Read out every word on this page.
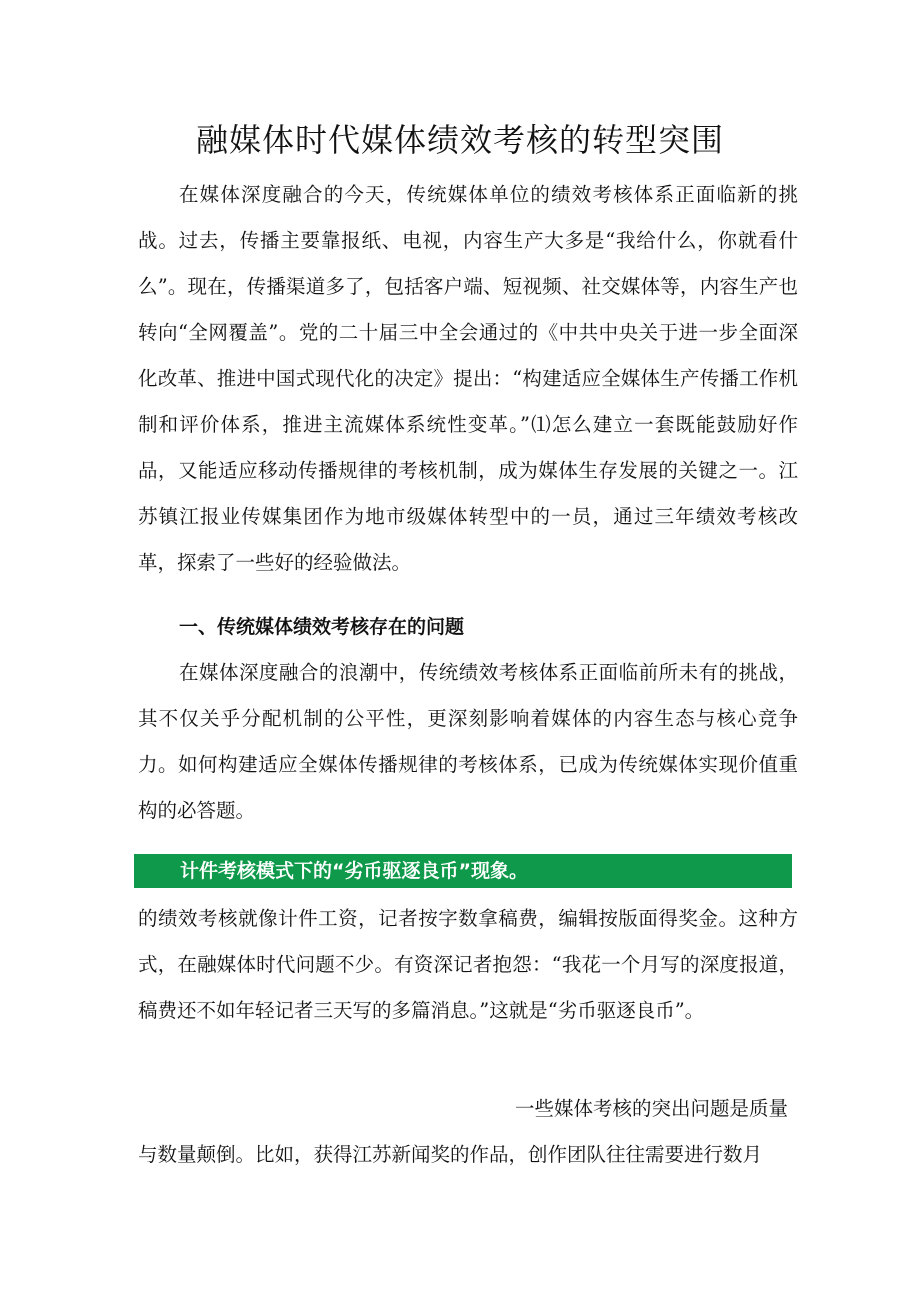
融媒体时代媒体绩效考核的转型突围

在媒体深度融合的今天，传统媒体单位的绩效考核体系正面临新的挑战。过去，传播主要靠报纸、电视，内容生产大多是“我给什么，你就看什么”。现在，传播渠道多了，包括客户端、短视频、社交媒体等，内容生产也转向“全网覆盖”。党的二十届三中全会通过的《中共中央关于进一步全面深化改革、推进中国式现代化的决定》提出：“构建适应全媒体生产传播工作机制和评价体系，推进主流媒体系统性变革。”⑴怎么建立一套既能鼓励好作品，又能适应移动传播规律的考核机制，成为媒体生存发展的关键之一。江苏镇江报业传媒集团作为地市级媒体转型中的一员，通过三年绩效考核改革，探索了一些好的经验做法。

一、传统媒体绩效考核存在的问题

在媒体深度融合的浪潮中，传统绩效考核体系正面临前所未有的挑战，其不仅关乎分配机制的公平性，更深刻影响着媒体的内容生态与核心竞争力。如何构建适应全媒体传播规律的考核体系，已成为传统媒体实现价值重构的必答题。

计件考核模式下的“劣币驱逐良币”现象。

的绩效考核就像计件工资，记者按字数拿稿费，编辑按版面得奖金。这种方式，在融媒体时代问题不少。有资深记者抱怨：“我花一个月写的深度报道，稿费还不如年轻记者三天写的多篇消息。”这就是“劣币驱逐良币”。

一些媒体考核的突出问题是质量

与数量颠倒。比如，获得江苏新闻奖的作品，创作团队往往需要进行数月
